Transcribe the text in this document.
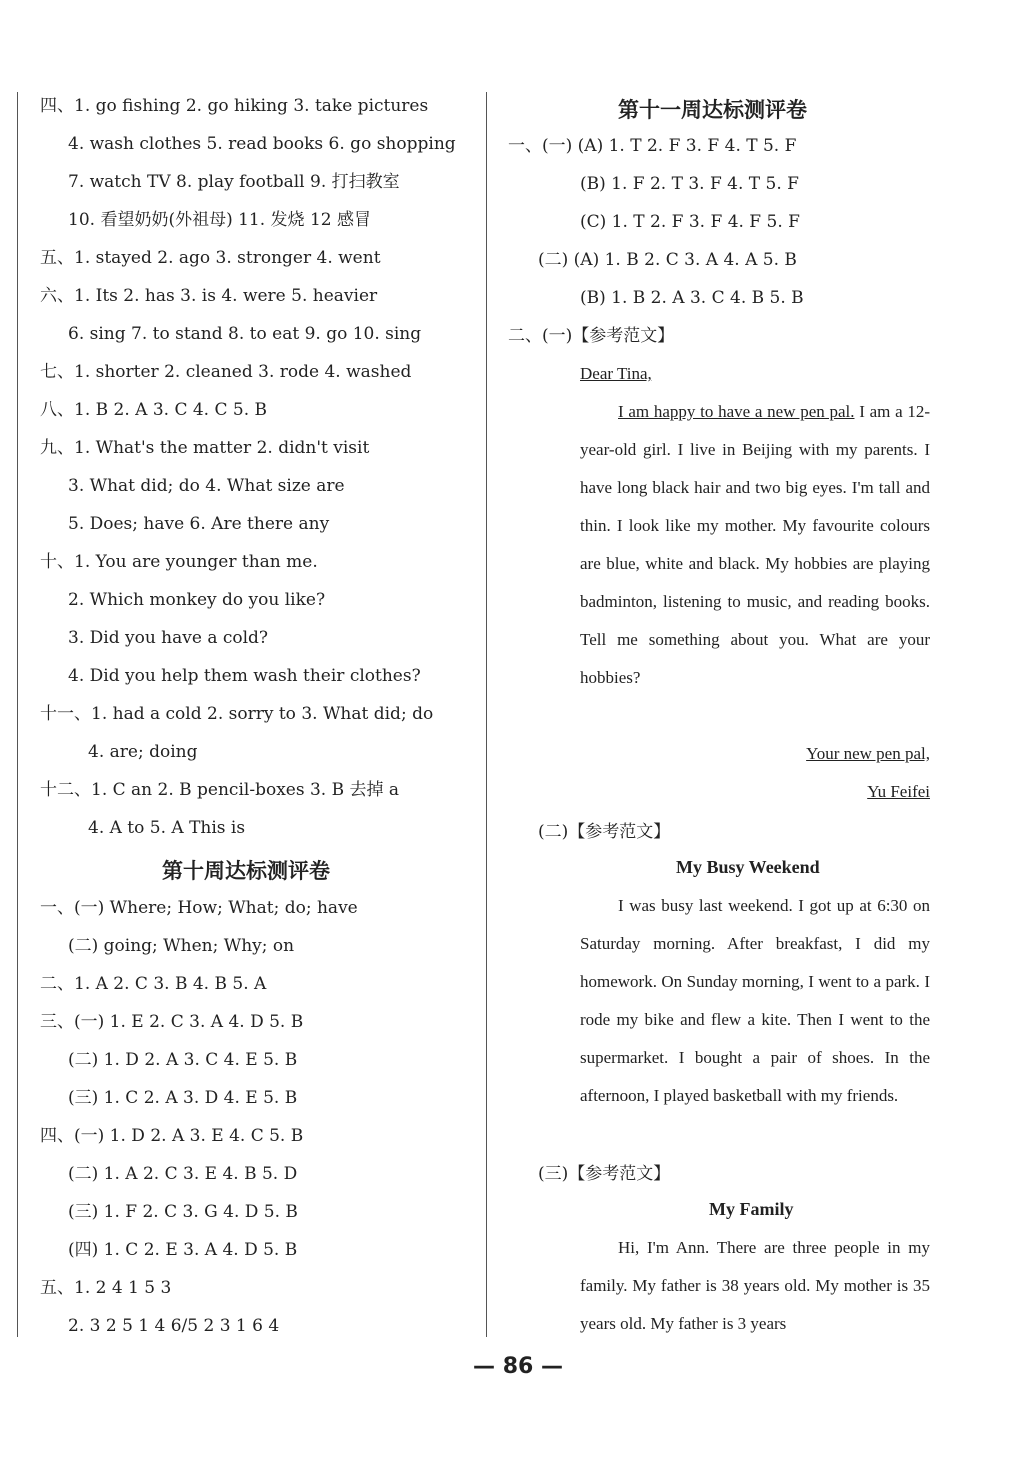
四、1. go fishing 2. go hiking 3. take pictures
4. wash clothes 5. read books 6. go shopping
7. watch TV 8. play football 9. 打扫教室
10. 看望奶奶(外祖母) 11. 发烧 12 感冒
五、1. stayed 2. ago 3. stronger 4. went
六、1. Its 2. has 3. is 4. were 5. heavier
6. sing 7. to stand 8. to eat 9. go 10. sing
七、1. shorter 2. cleaned 3. rode 4. washed
八、1. B 2. A 3. C 4. C 5. B
九、1. What's the matter 2. didn't visit
3. What did; do 4. What size are
5. Does; have 6. Are there any
十、1. You are younger than me.
2. Which monkey do you like?
3. Did you have a cold?
4. Did you help them wash their clothes?
十一、1. had a cold 2. sorry to 3. What did; do
4. are; doing
十二、1. C an 2. B pencil-boxes 3. B 去掉 a
4. A to 5. A This is
第十周达标测评卷
一、(一) Where; How; What; do; have
(二) going; When; Why; on
二、1. A 2. C 3. B 4. B 5. A
三、(一) 1. E 2. C 3. A 4. D 5. B
(二) 1. D 2. A 3. C 4. E 5. B
(三) 1. C 2. A 3. D 4. E 5. B
四、(一) 1. D 2. A 3. E 4. C 5. B
(二) 1. A 2. C 3. E 4. B 5. D
(三) 1. F 2. C 3. G 4. D 5. B
(四) 1. C 2. E 3. A 4. D 5. B
五、1. 2 4 1 5 3
2. 3 2 5 1 4 6/5 2 3 1 6 4
第十一周达标测评卷
一、(一) (A) 1. T 2. F 3. F 4. T 5. F
(B) 1. F 2. T 3. F 4. T 5. F
(C) 1. T 2. F 3. F 4. F 5. F
(二) (A) 1. B 2. C 3. A 4. A 5. B
(B) 1. B 2. A 3. C 4. B 5. B
二、(一)【参考范文】
Dear Tina,
I am happy to have a new pen pal. I am a 12-year-old girl. I live in Beijing with my parents. I have long black hair and two big eyes. I'm tall and thin. I look like my mother. My favourite colours are blue, white and black. My hobbies are playing badminton, listening to music, and reading books. Tell me something about you. What are your hobbies?
Your new pen pal,
Yu Feifei
(二)【参考范文】
My Busy Weekend
I was busy last weekend. I got up at 6:30 on Saturday morning. After breakfast, I did my homework. On Sunday morning, I went to a park. I rode my bike and flew a kite. Then I went to the supermarket. I bought a pair of shoes. In the afternoon, I played basketball with my friends.
(三)【参考范文】
My Family
Hi, I'm Ann. There are three people in my family. My father is 38 years old. My mother is 35 years old. My father is 3 years
— 86 —
